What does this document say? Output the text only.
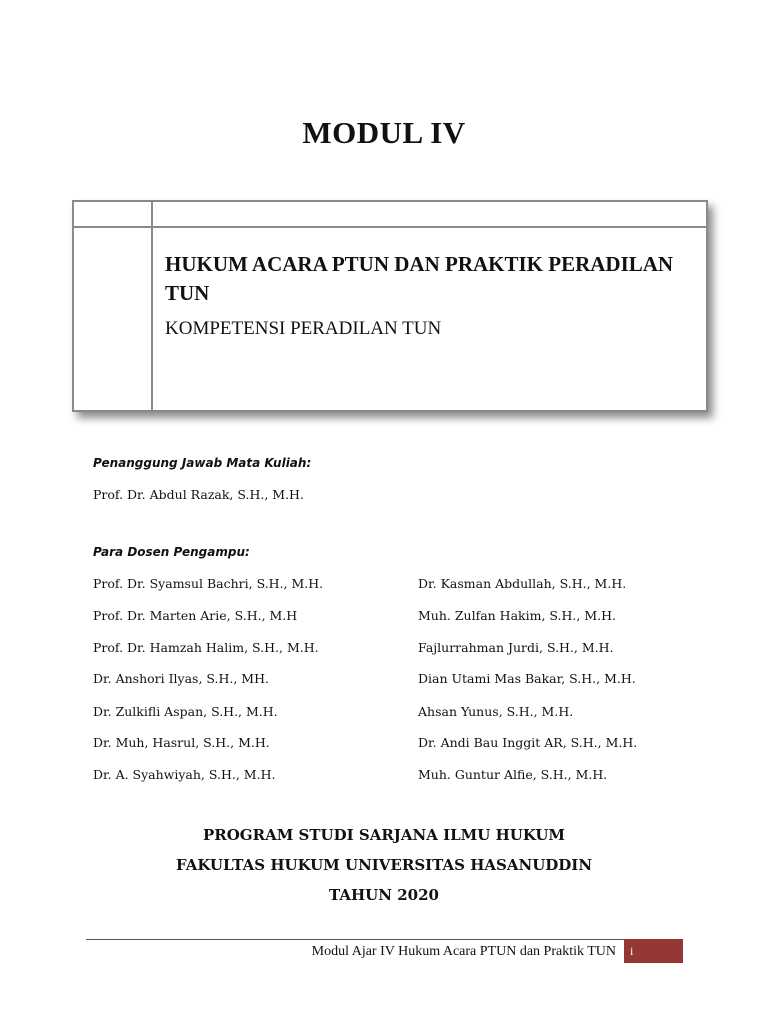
MODUL IV
HUKUM ACARA PTUN DAN PRAKTIK PERADILAN TUN
KOMPETENSI PERADILAN TUN
Penanggung Jawab Mata Kuliah:
Prof. Dr. Abdul Razak, S.H., M.H.
Para Dosen Pengampu:
Prof. Dr. Syamsul Bachri, S.H., M.H.
Prof. Dr. Marten Arie, S.H., M.H
Prof. Dr. Hamzah Halim, S.H., M.H.
Dr. Anshori Ilyas, S.H., MH.
Dr. Zulkifli Aspan, S.H., M.H.
Dr. Muh, Hasrul, S.H., M.H.
Dr. A. Syahwiyah, S.H., M.H.
Dr. Kasman Abdullah, S.H., M.H.
Muh. Zulfan Hakim, S.H., M.H.
Fajlurrahman Jurdi, S.H., M.H.
Dian Utami Mas Bakar, S.H., M.H.
Ahsan Yunus, S.H., M.H.
Dr. Andi Bau Inggit AR, S.H., M.H.
Muh. Guntur Alfie, S.H., M.H.
PROGRAM STUDI SARJANA ILMU HUKUM
FAKULTAS HUKUM UNIVERSITAS HASANUDDIN
TAHUN 2020
Modul Ajar IV Hukum Acara PTUN dan Praktik TUN	i
